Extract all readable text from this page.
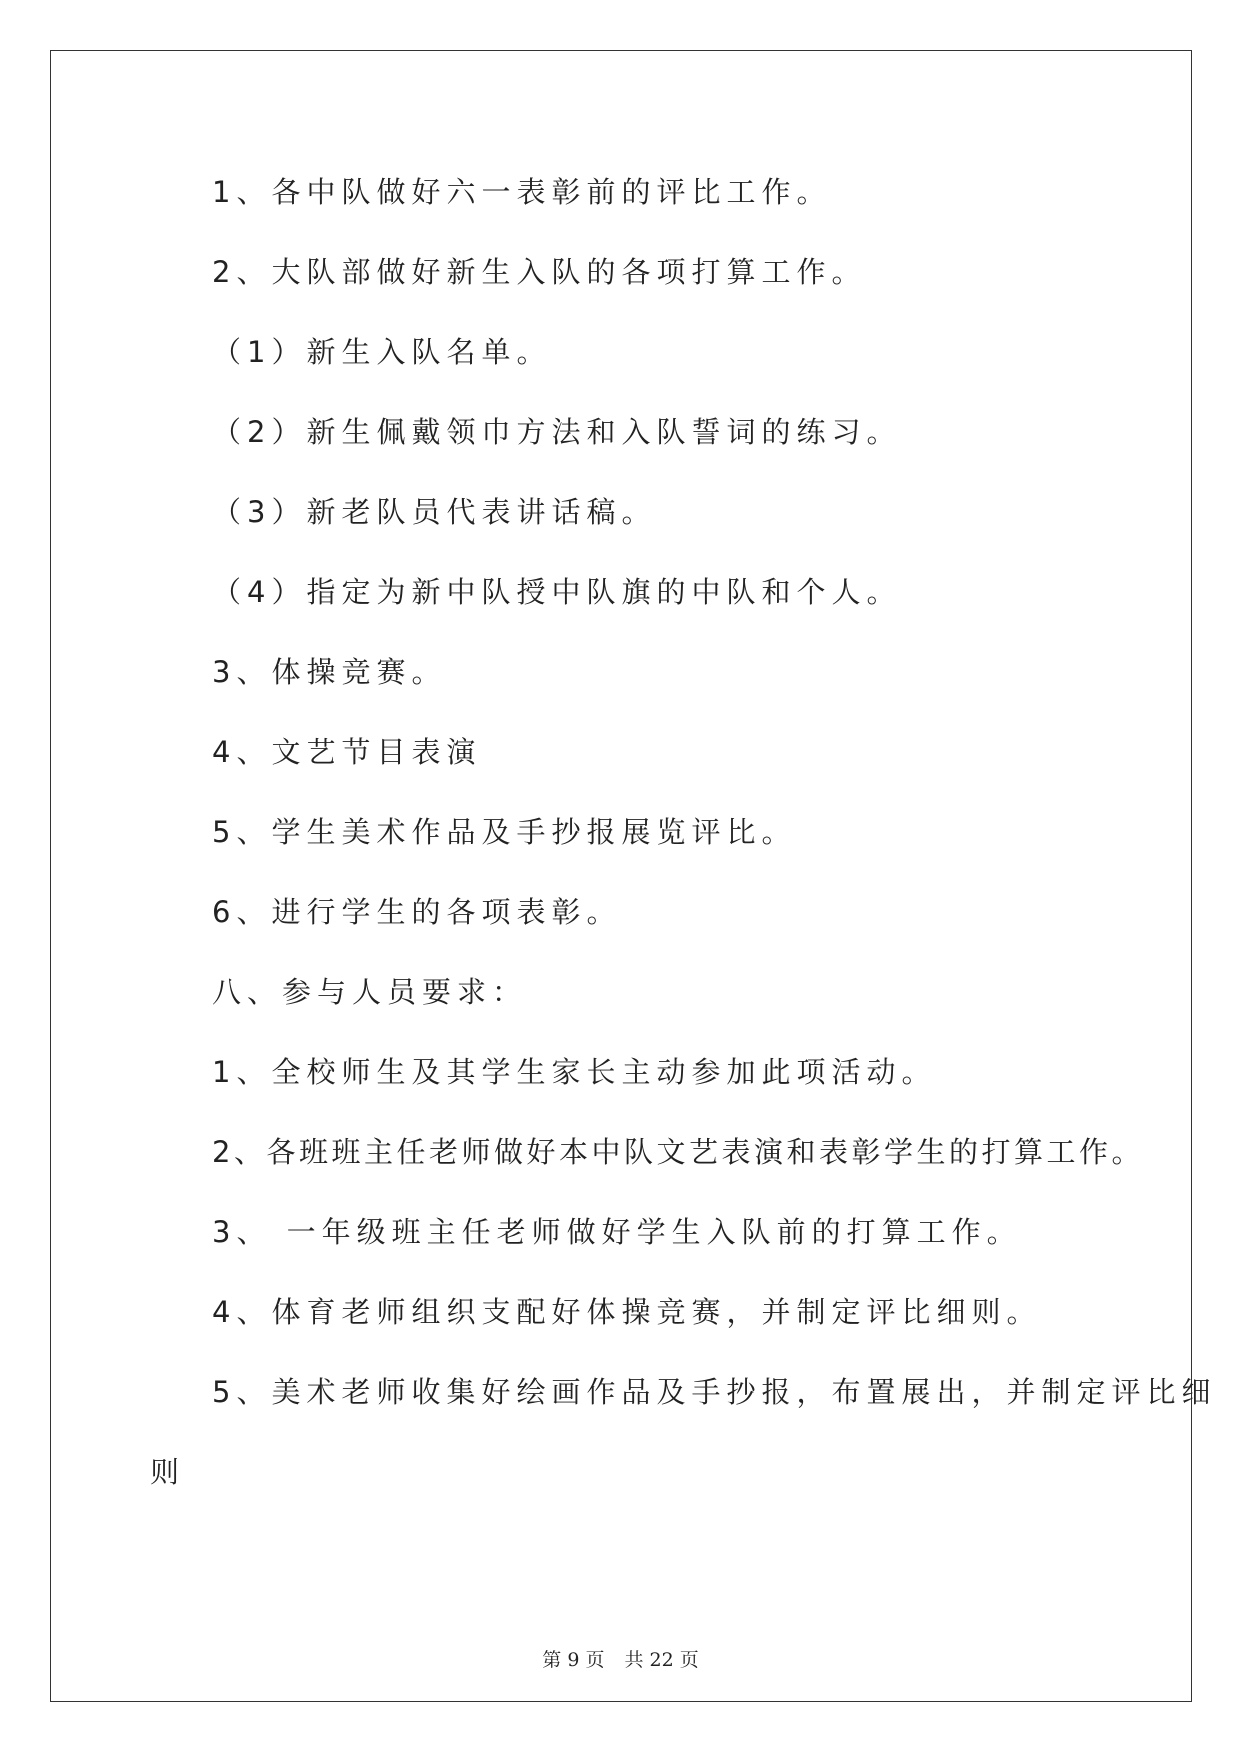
1、各中队做好六一表彰前的评比工作。
2、大队部做好新生入队的各项打算工作。
（1）新生入队名单。
（2）新生佩戴领巾方法和入队誓词的练习。
（3）新老队员代表讲话稿。
（4）指定为新中队授中队旗的中队和个人。
3、体操竞赛。
4、文艺节目表演
5、学生美术作品及手抄报展览评比。
6、进行学生的各项表彰。
八、参与人员要求：
1、全校师生及其学生家长主动参加此项活动。
2、各班班主任老师做好本中队文艺表演和表彰学生的打算工作。
3、 一年级班主任老师做好学生入队前的打算工作。
4、体育老师组织支配好体操竞赛，并制定评比细则。
5、美术老师收集好绘画作品及手抄报，布置展出，并制定评比细
则
第 9 页 共 22 页
